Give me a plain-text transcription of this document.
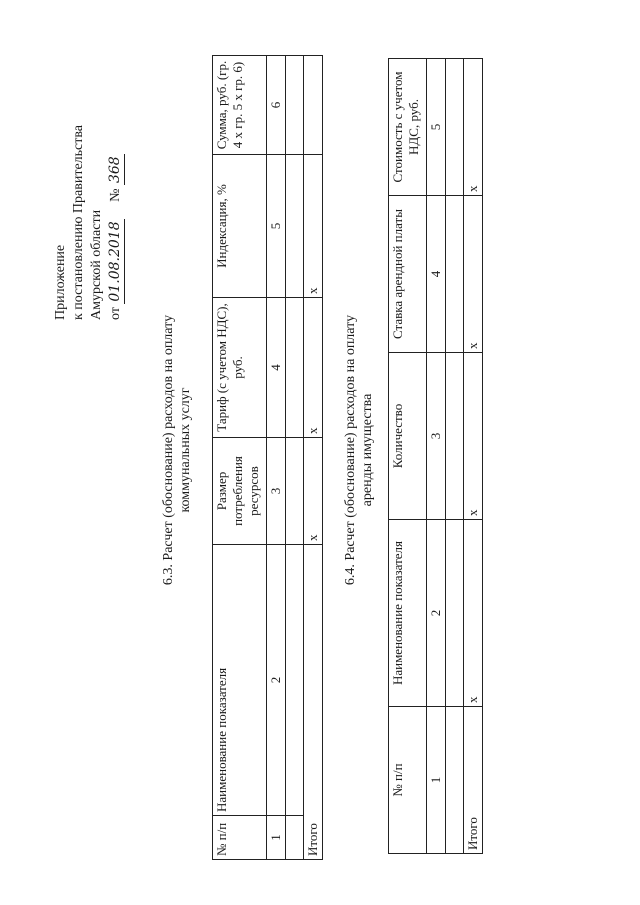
Приложение к постановлению Правительства Амурской области от 01.08.2018 № 368
6.3. Расчет (обоснование) расходов на оплату коммунальных услуг
№ п/п	Наименование показателя	Размер потребления ресурсов	Тариф (с учетом НДС), руб.	Индексация, %	Сумма, руб. (гр. 4 х гр. 5 х гр. 6)
1	2	3	4	5	6

Итого		x	x	x	
6.4. Расчет (обоснование) расходов на оплату аренды имущества
№ п/п	Наименование показателя	Количество	Ставка арендной платы	Стоимость с учетом НДС, руб.
1	2	3	4	5

Итого	x	x	x	x
